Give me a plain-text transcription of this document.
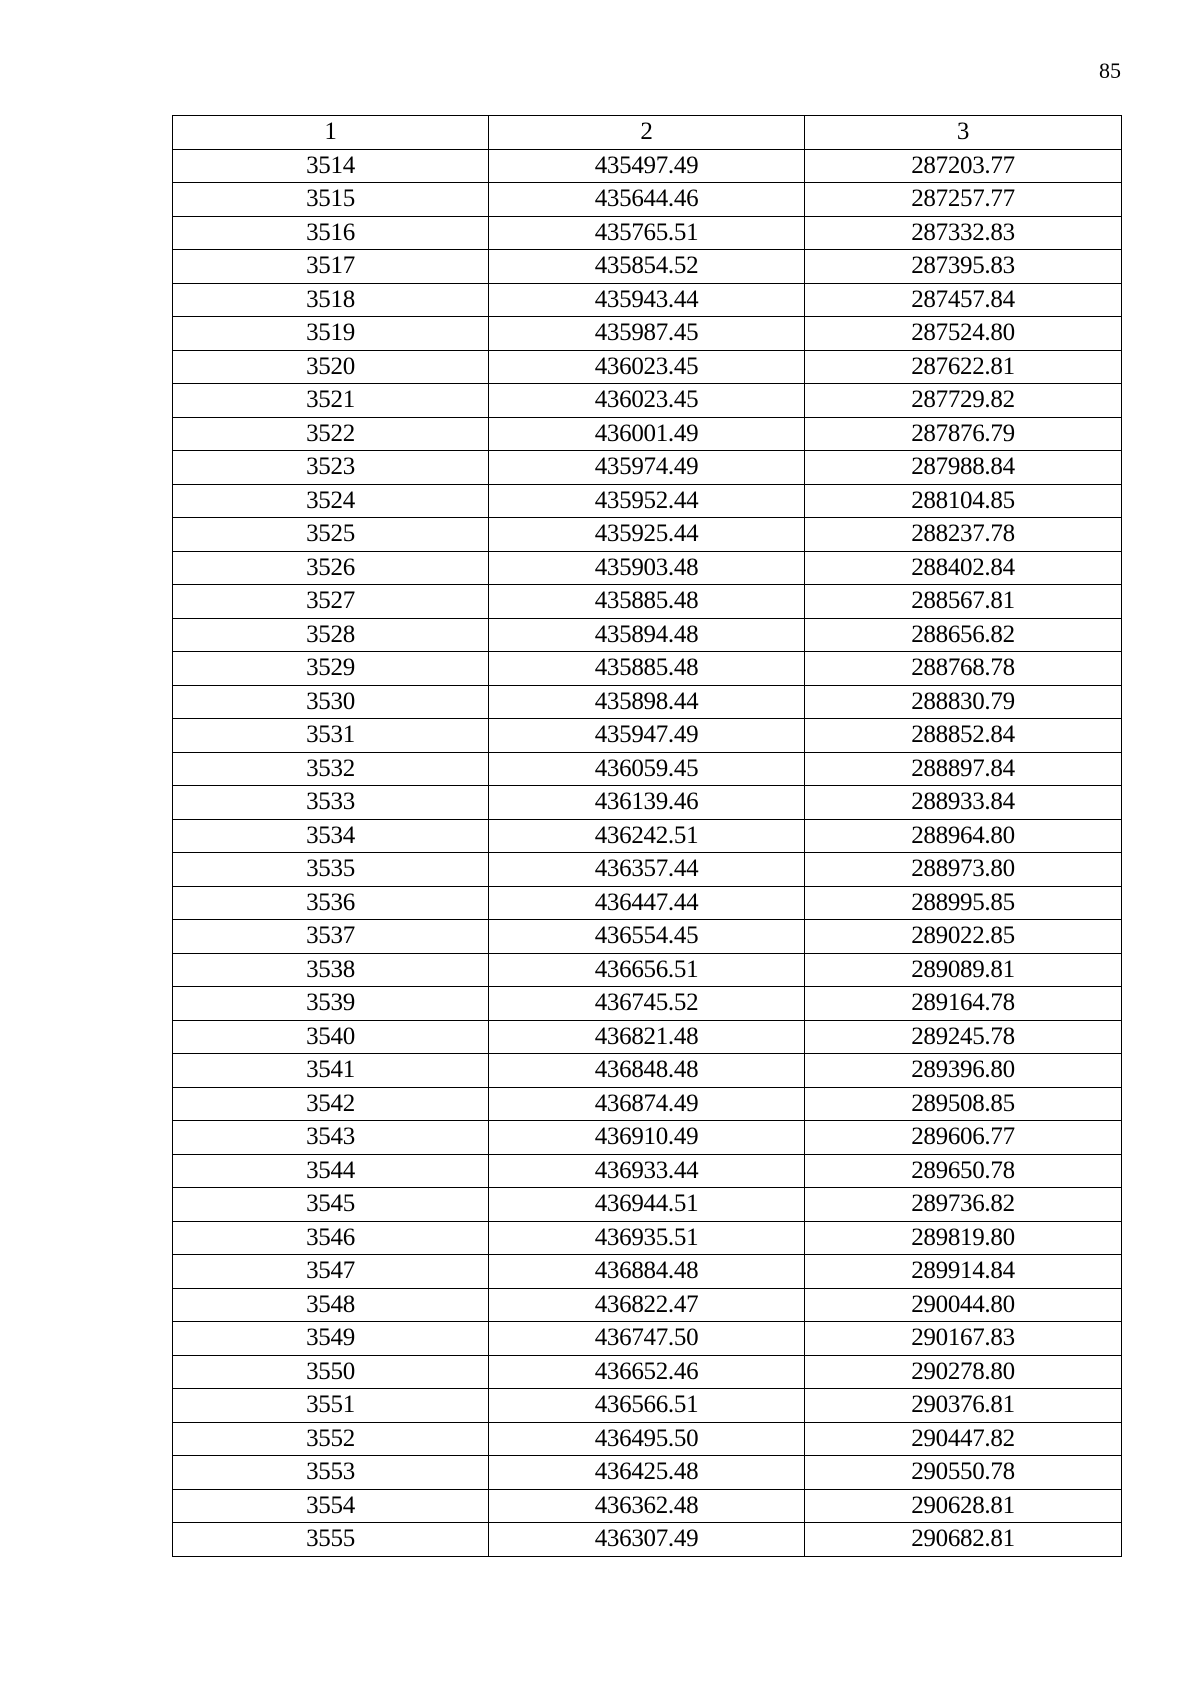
85
1	2	3
3514	435497.49	287203.77
3515	435644.46	287257.77
3516	435765.51	287332.83
3517	435854.52	287395.83
3518	435943.44	287457.84
3519	435987.45	287524.80
3520	436023.45	287622.81
3521	436023.45	287729.82
3522	436001.49	287876.79
3523	435974.49	287988.84
3524	435952.44	288104.85
3525	435925.44	288237.78
3526	435903.48	288402.84
3527	435885.48	288567.81
3528	435894.48	288656.82
3529	435885.48	288768.78
3530	435898.44	288830.79
3531	435947.49	288852.84
3532	436059.45	288897.84
3533	436139.46	288933.84
3534	436242.51	288964.80
3535	436357.44	288973.80
3536	436447.44	288995.85
3537	436554.45	289022.85
3538	436656.51	289089.81
3539	436745.52	289164.78
3540	436821.48	289245.78
3541	436848.48	289396.80
3542	436874.49	289508.85
3543	436910.49	289606.77
3544	436933.44	289650.78
3545	436944.51	289736.82
3546	436935.51	289819.80
3547	436884.48	289914.84
3548	436822.47	290044.80
3549	436747.50	290167.83
3550	436652.46	290278.80
3551	436566.51	290376.81
3552	436495.50	290447.82
3553	436425.48	290550.78
3554	436362.48	290628.81
3555	436307.49	290682.81
